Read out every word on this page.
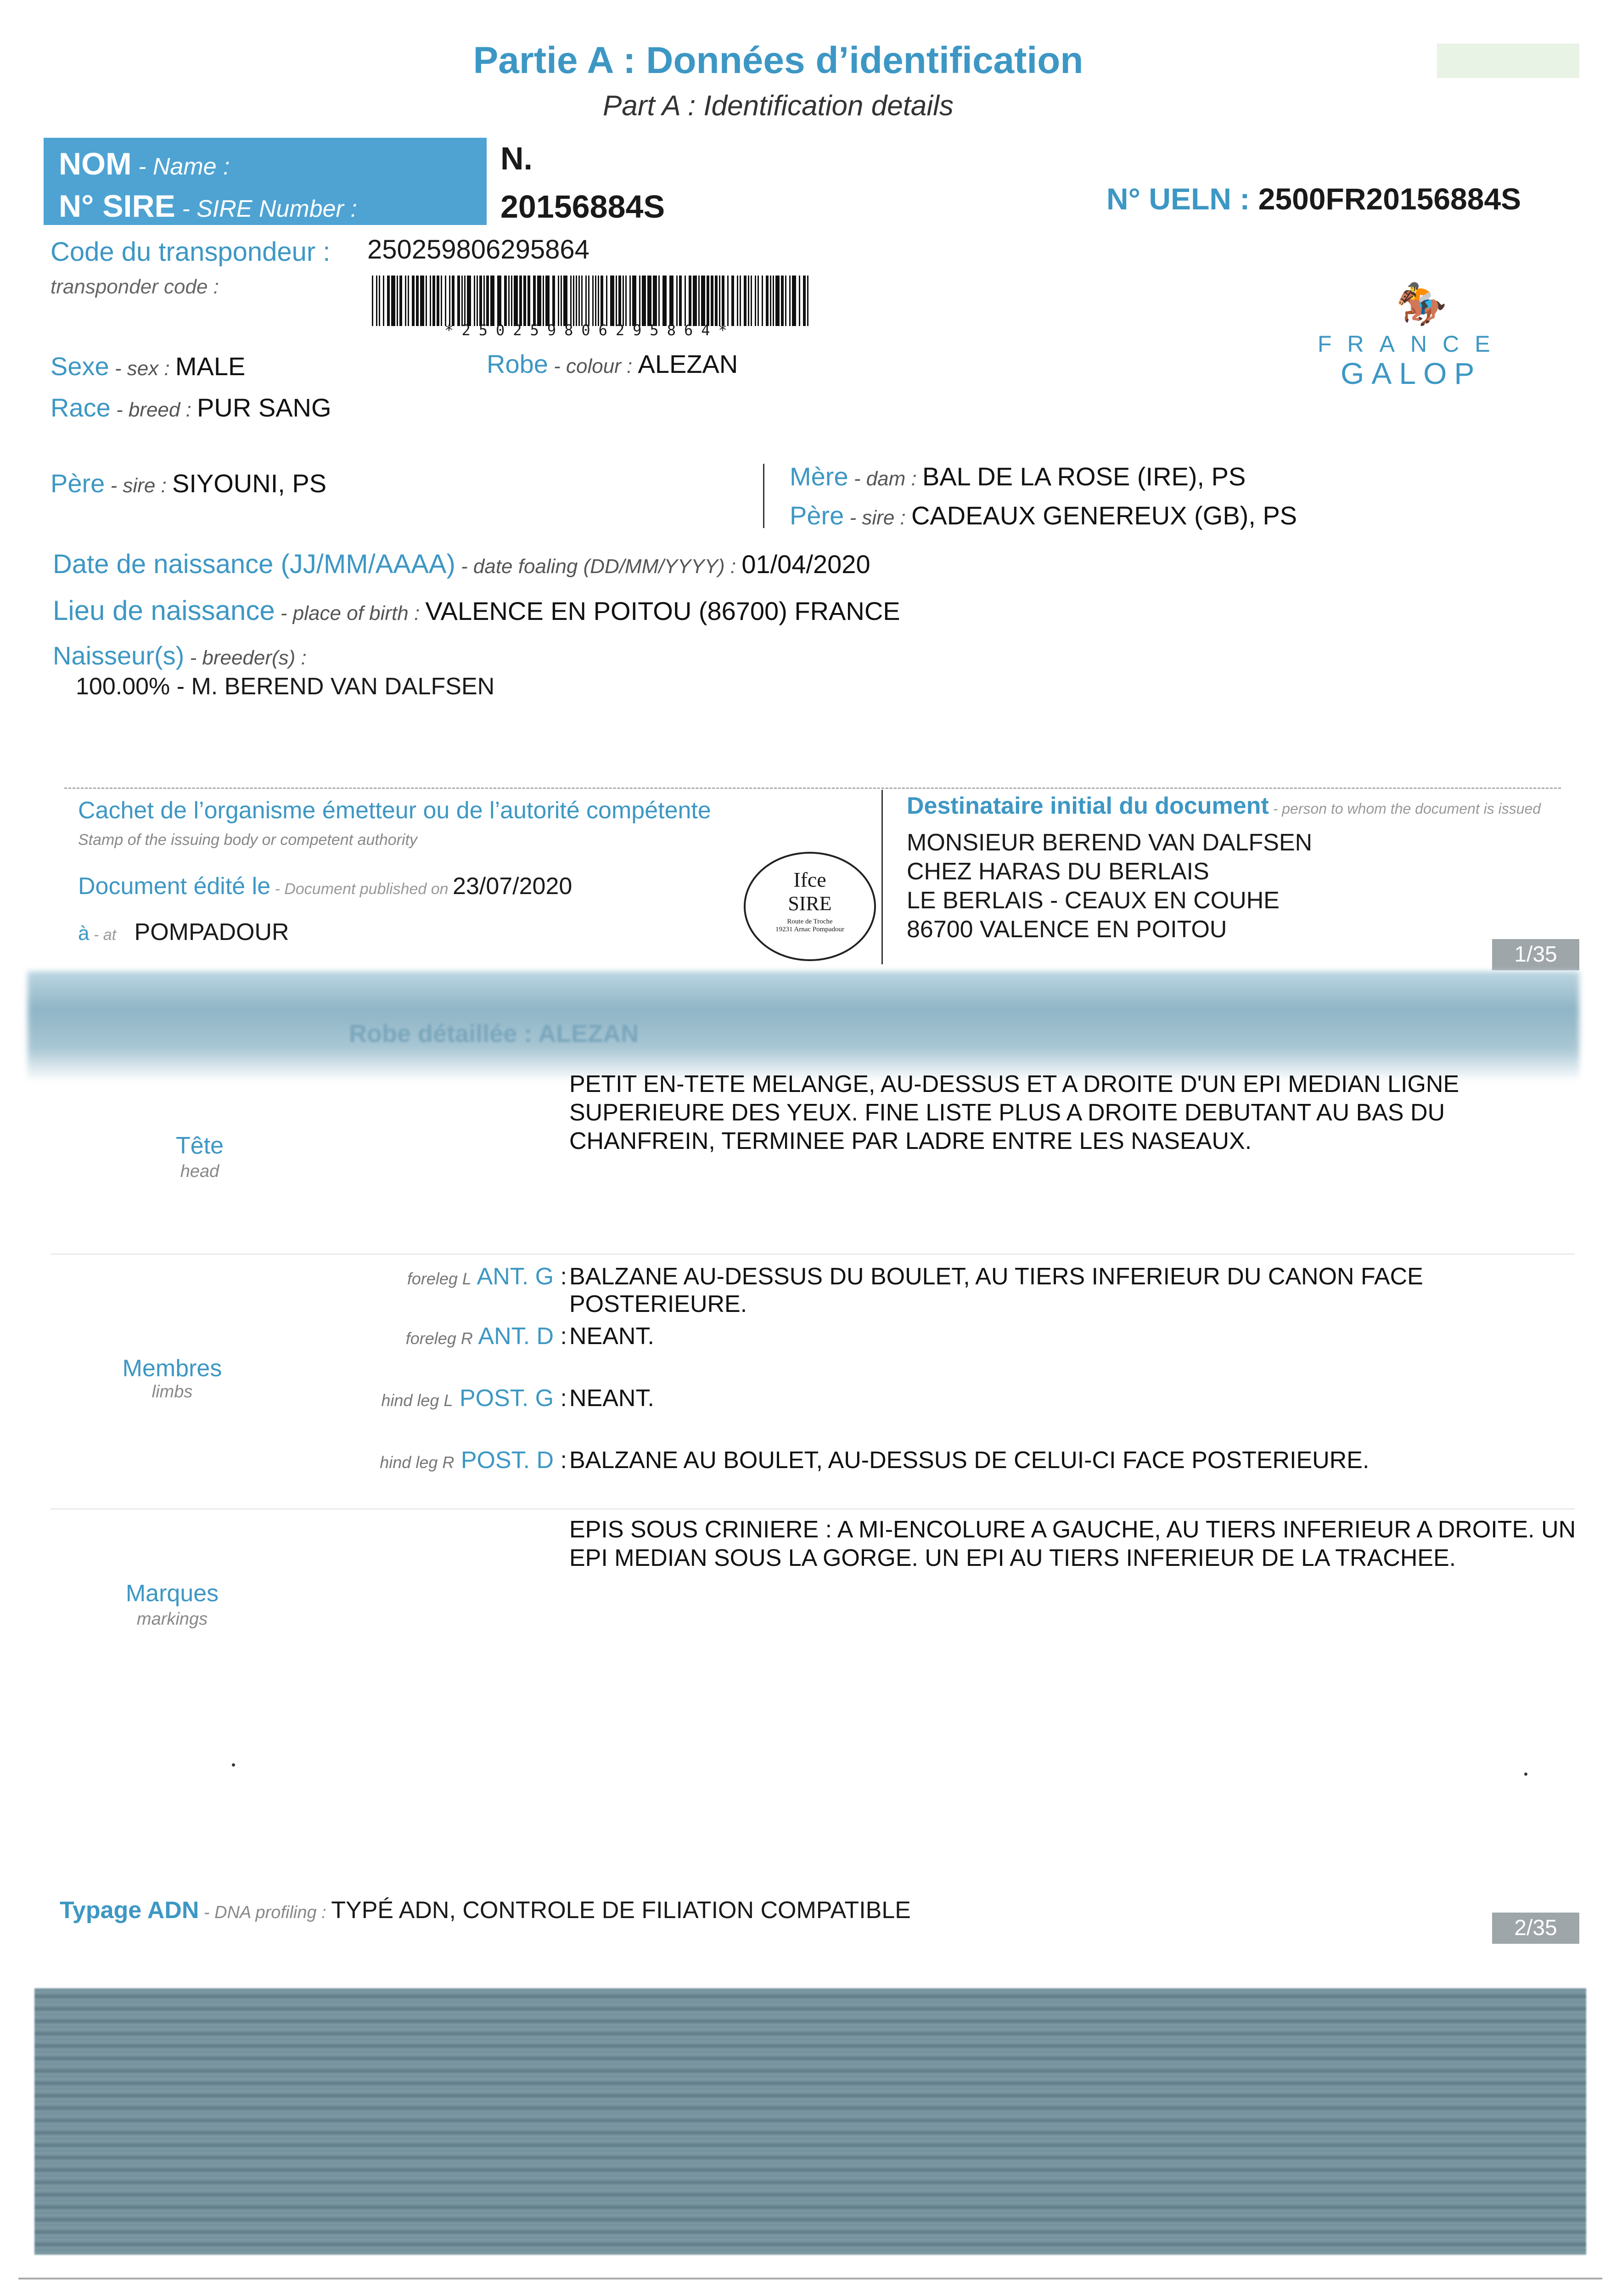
Partie A : Données d’identification
Part A : Identification details
NOM - Name :
N° SIRE - SIRE Number :
N.
20156884S	N° UELN : 2500FR20156884S
Code du transpondeur : 250259806295864
transponder code :
*250259806295864*
🏇
FRANCE
GALOP
Sexe - sex : MALE	Robe - colour : ALEZAN
Race - breed : PUR SANG
Père - sire : SIYOUNI, PS	Mère - dam : BAL DE LA ROSE (IRE), PS
Père - sire : CADEAUX GENEREUX (GB), PS
Date de naissance (JJ/MM/AAAA) - date foaling (DD/MM/YYYY) : 01/04/2020
Lieu de naissance - place of birth : VALENCE EN POITOU (86700) FRANCE
Naisseur(s) - breeder(s) :
100.00% - M. BEREND VAN DALFSEN
Cachet de l’organisme émetteur ou de l’autorité compétente
Stamp of the issuing body or competent authority
Document édité le - Document published on 23/07/2020
à - at POMPADOUR
Ifce
SIRE
Route de Troche
19231 Arnac Pompadour
Destinataire initial du document - person to whom the document is issued
MONSIEUR BEREND VAN DALFSEN
CHEZ HARAS DU BERLAIS
LE BERLAIS - CEAUX EN COUHE
86700 VALENCE EN POITOU
1/35
Robe détaillée : ALEZAN
Tête
head
PETIT EN-TETE MELANGE, AU-DESSUS ET A DROITE D'UN EPI MEDIAN LIGNE SUPERIEURE DES YEUX. FINE LISTE PLUS A DROITE DEBUTANT AU BAS DU CHANFREIN, TERMINEE PAR LADRE ENTRE LES NASEAUX.
Membres
limbs
foreleg L ANT. G : BALZANE AU-DESSUS DU BOULET, AU TIERS INFERIEUR DU CANON FACE POSTERIEURE.
foreleg R ANT. D : NEANT.
hind leg L POST. G : NEANT.
hind leg R POST. D : BALZANE AU BOULET, AU-DESSUS DE CELUI-CI FACE POSTERIEURE.
Marques
markings
EPIS SOUS CRINIERE : A MI-ENCOLURE A GAUCHE, AU TIERS INFERIEUR A DROITE. UN EPI MEDIAN SOUS LA GORGE. UN EPI AU TIERS INFERIEUR DE LA TRACHEE.
Typage ADN - DNA profiling : TYPÉ ADN, CONTROLE DE FILIATION COMPATIBLE
2/35
